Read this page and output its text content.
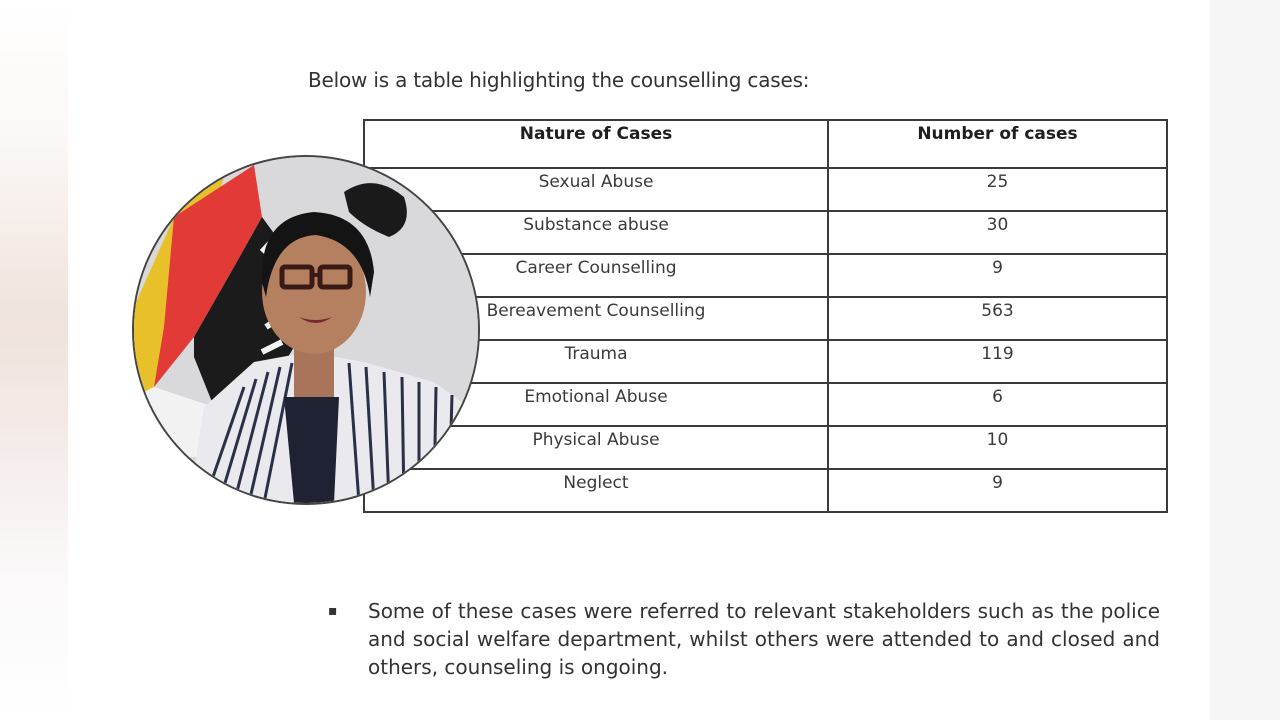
Below is a table highlighting the counselling cases:
Nature of Cases	Number of cases
Sexual Abuse	25
Substance abuse	30
Career Counselling	9
Bereavement Counselling	563
Trauma	119
Emotional Abuse	6
Physical Abuse	10
Neglect	9
▪	Some of these cases were referred to relevant stakeholders such as the police and social welfare department, whilst others were attended to and closed and others, counseling is ongoing.
